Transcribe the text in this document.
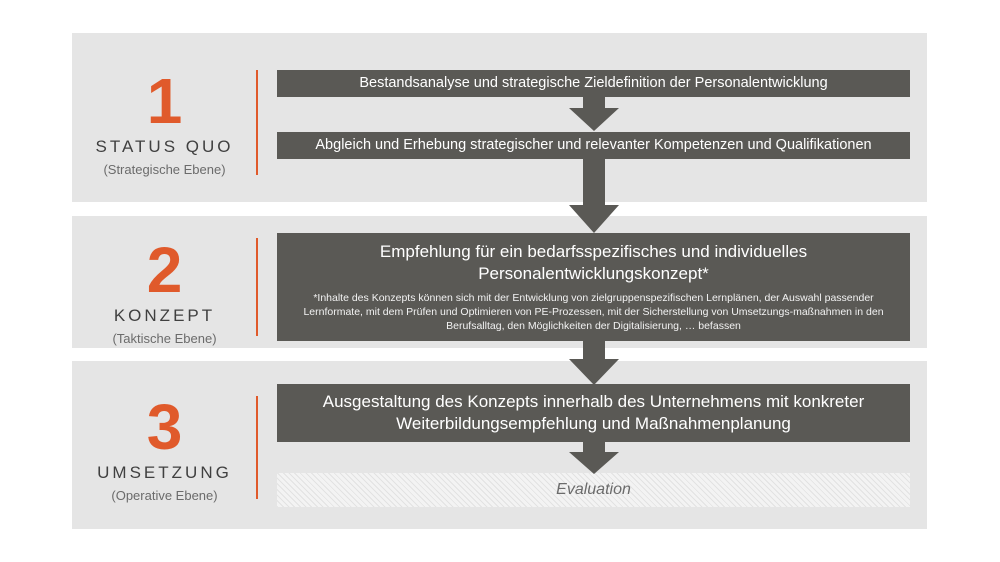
1
STATUS QUO
(Strategische Ebene)
Bestandsanalyse und strategische Zieldefinition der Personalentwicklung
Abgleich und Erhebung strategischer und relevanter Kompetenzen und Qualifikationen
2
KONZEPT
(Taktische Ebene)
Empfehlung für ein bedarfsspezifisches und individuelles
Personalentwicklungskonzept*
*Inhalte des Konzepts können sich mit der Entwicklung von zielgruppenspezifischen Lernplänen, der Auswahl passender Lernformate, mit dem Prüfen und Optimieren von PE-Prozessen, mit der Sicherstellung von Umsetzungs-maßnahmen in den Berufsalltag, den Möglichkeiten der Digitalisierung, … befassen
3
UMSETZUNG
(Operative Ebene)
Ausgestaltung des Konzepts innerhalb des Unternehmens mit konkreter
Weiterbildungsempfehlung und Maßnahmenplanung
Evaluation
